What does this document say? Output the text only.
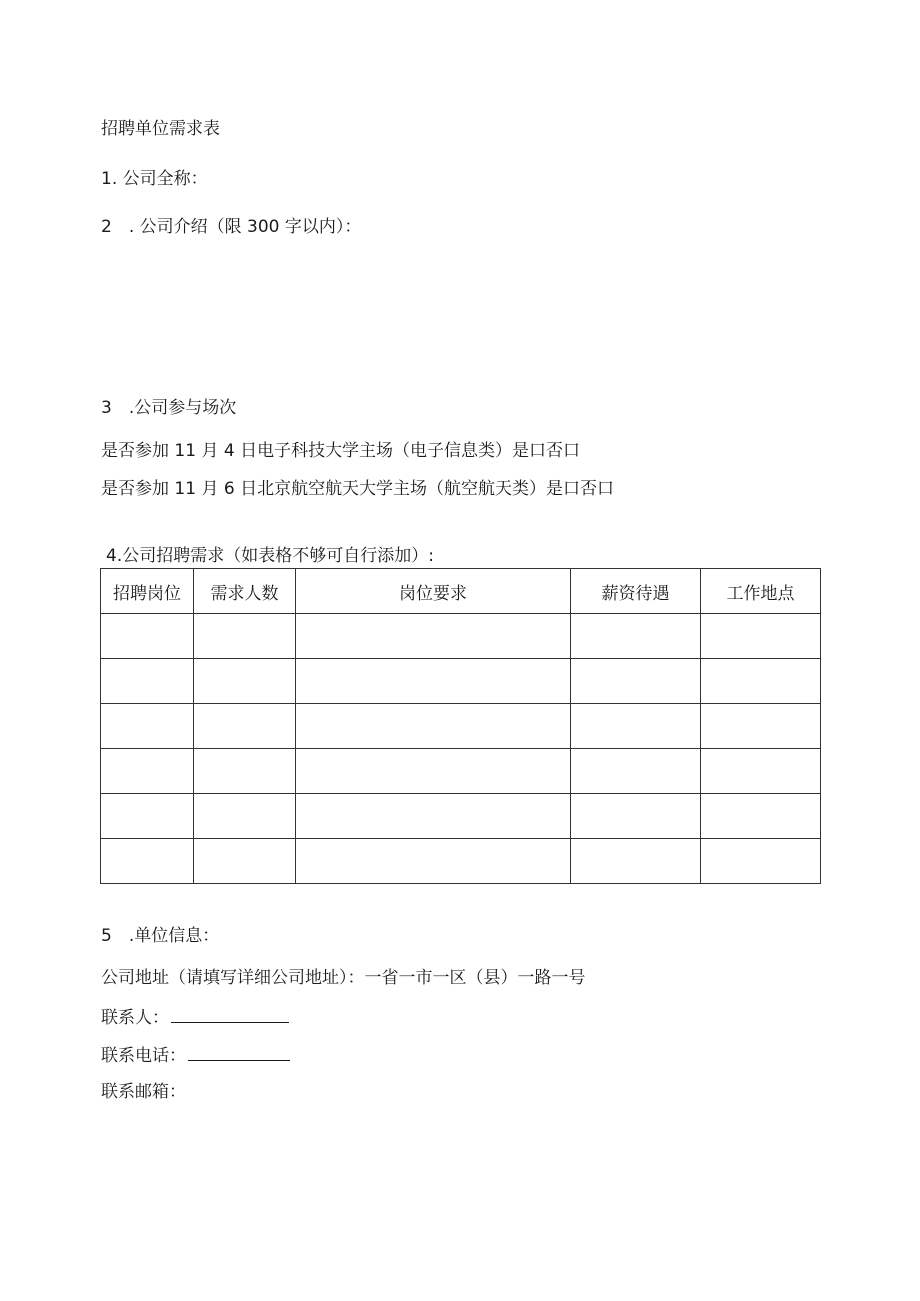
招聘单位需求表
1. 公司全称：
2　. 公司介绍（限 300 字以内）：
3　.公司参与场次
是否参加 11 月 4 日电子科技大学主场（电子信息类）是口否口
是否参加 11 月 6 日北京航空航天大学主场（航空航天类）是口否口
4.公司招聘需求（如表格不够可自行添加）:
招聘岗位	需求人数	岗位要求	薪资待遇	工作地点

5　.单位信息：
公司地址（请填写详细公司地址）：一省一市一区（县）一路一号
联系人：
联系电话：
联系邮箱：
